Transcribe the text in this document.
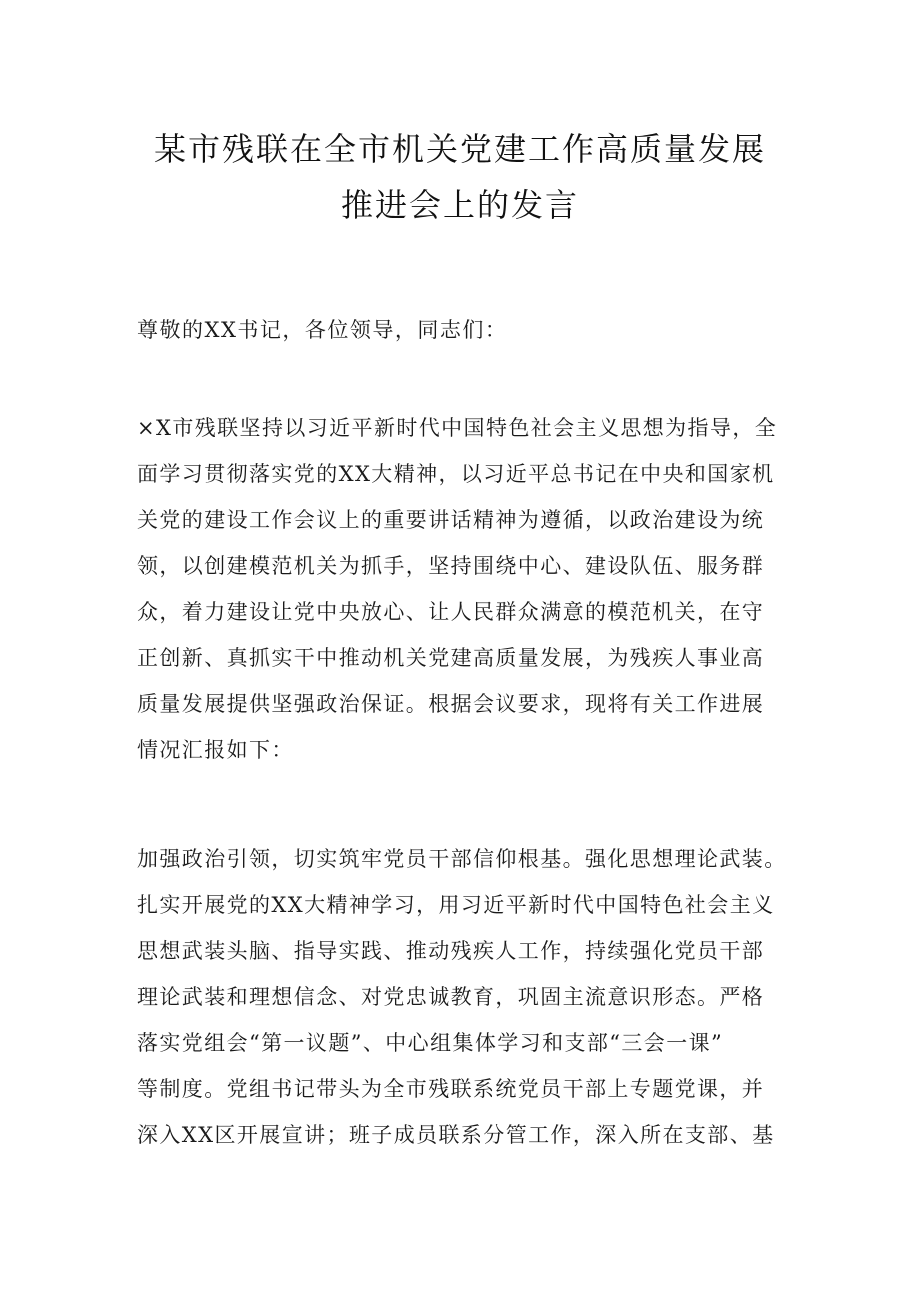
某市残联在全市机关党建工作高质量发展
推进会上的发言
尊敬的XX书记，各位领导，同志们：
×X市残联坚持以习近平新时代中国特色社会主义思想为指导，全
面学习贯彻落实党的XX大精神，以习近平总书记在中央和国家机
关党的建设工作会议上的重要讲话精神为遵循，以政治建设为统
领，以创建模范机关为抓手，坚持围绕中心、建设队伍、服务群
众，着力建设让党中央放心、让人民群众满意的模范机关，在守
正创新、真抓实干中推动机关党建高质量发展，为残疾人事业高
质量发展提供坚强政治保证。根据会议要求，现将有关工作进展
情况汇报如下：
加强政治引领，切实筑牢党员干部信仰根基。强化思想理论武装。
扎实开展党的XX大精神学习，用习近平新时代中国特色社会主义
思想武装头脑、指导实践、推动残疾人工作，持续强化党员干部
理论武装和理想信念、对党忠诚教育，巩固主流意识形态。严格
落实党组会“第一议题”、中心组集体学习和支部“三会一课”
等制度。党组书记带头为全市残联系统党员干部上专题党课，并
深入XX区开展宣讲；班子成员联系分管工作，深入所在支部、基
